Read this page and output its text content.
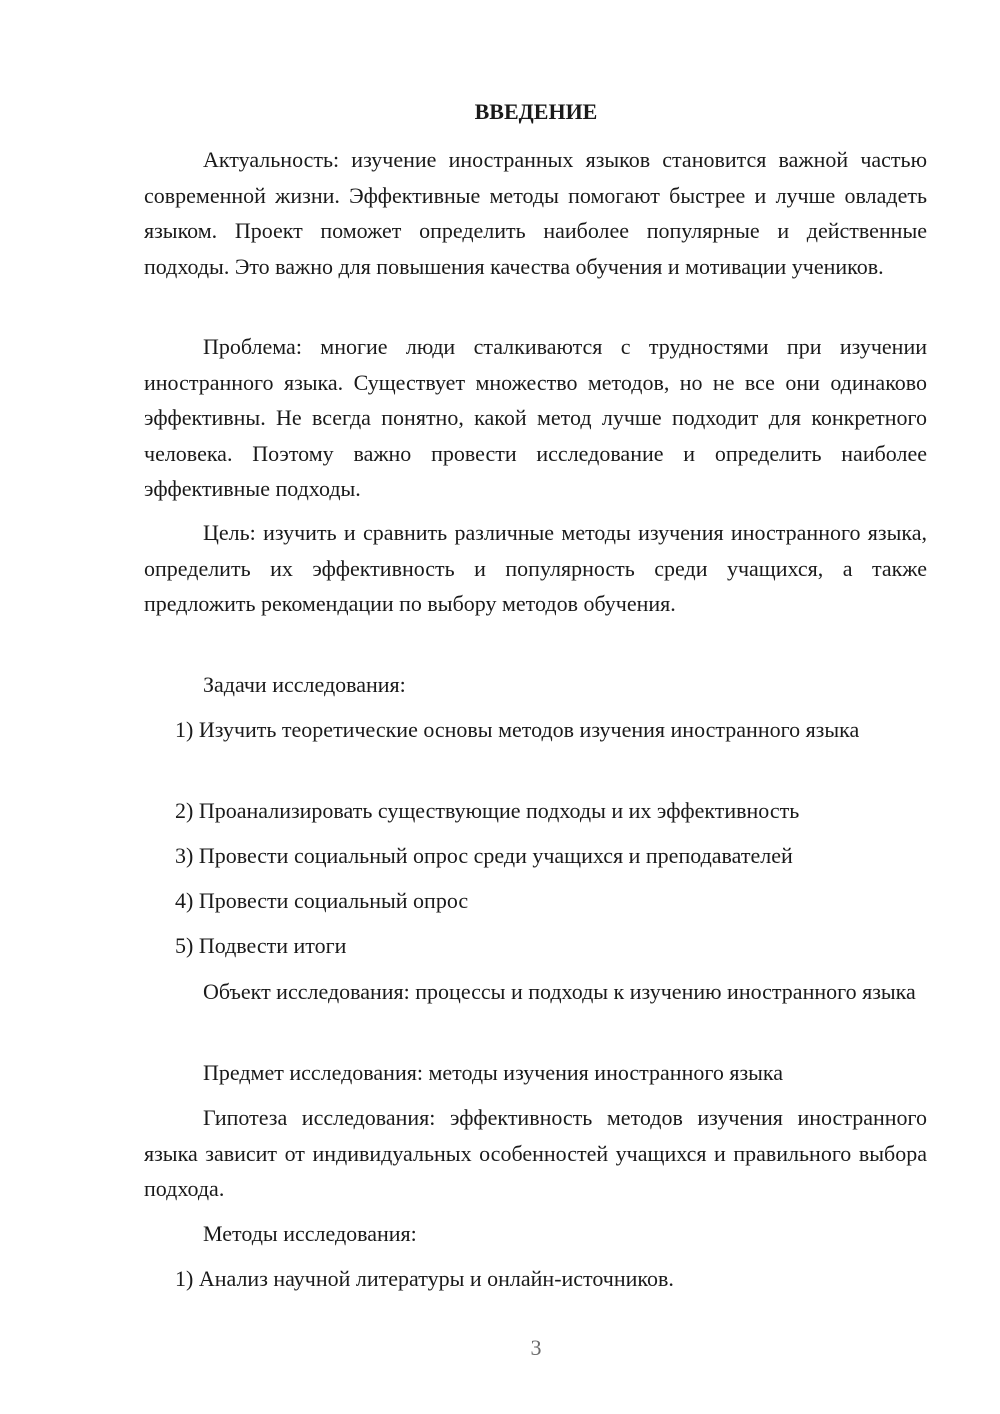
ВВЕДЕНИЕ

Актуальность: изучение иностранных языков становится важной частью современной жизни. Эффективные методы помогают быстрее и лучше овладеть языком. Проект поможет определить наиболее популярные и действенные подходы. Это важно для повышения качества обучения и мотивации учеников.

Проблема: многие люди сталкиваются с трудностями при изучении иностранного языка. Существует множество методов, но не все они одинаково эффективны. Не всегда понятно, какой метод лучше подходит для конкретного человека. Поэтому важно провести исследование и определить наиболее эффективные подходы.

Цель: изучить и сравнить различные методы изучения иностранного языка, определить их эффективность и популярность среди учащихся, а также предложить рекомендации по выбору методов обучения.

Задачи исследования:

1) Изучить теоретические основы методов изучения иностранного языка

2) Проанализировать существующие подходы и их эффективность

3) Провести социальный опрос среди учащихся и преподавателей

4) Провести социальный опрос

5) Подвести итоги

Объект исследования: процессы и подходы к изучению иностранного языка

Предмет исследования: методы изучения иностранного языка

Гипотеза исследования: эффективность методов изучения иностранного языка зависит от индивидуальных особенностей учащихся и правильного выбора подхода.

Методы исследования:

1) Анализ научной литературы и онлайн-источников.

3
